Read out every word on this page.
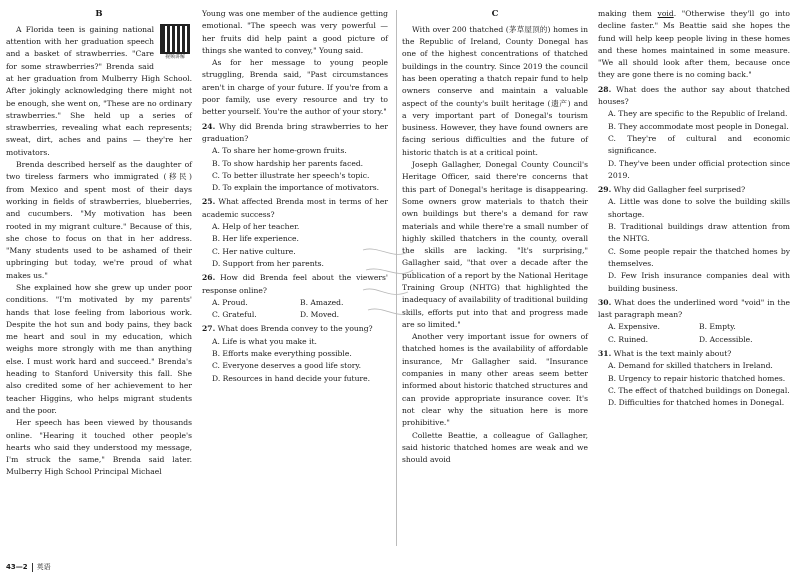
B
视频讲解

A Florida teen is gaining national attention with her graduation speech and a basket of strawberries. "Care for some strawberries?" Brenda said at her graduation from Mulberry High School. After jokingly acknowledging there might not be enough, she went on, "These are no ordinary strawberries." She held up a series of strawberries, revealing what each represents; sweat, dirt, aches and pains — they're her motivators.

Brenda described herself as the daughter of two tireless farmers who immigrated (移民) from Mexico and spent most of their days working in fields of strawberries, blueberries, and cucumbers. "My motivation has been rooted in my migrant culture." Because of this, she chose to focus on that in her address. "Many students used to be ashamed of their upbringing but today, we're proud of what makes us."

She explained how she grew up under poor conditions. "I'm motivated by my parents' hands that lose feeling from laborious work. Despite the hot sun and body pains, they back me heart and soul in my education, which weighs more strongly with me than anything else. I must work hard and succeed." Brenda's heading to Stanford University this fall. She also credited some of her achievement to her teacher Higgins, who helps migrant students and the poor.

Her speech has been viewed by thousands online. "Hearing it touched other people's hearts who said they understood my message, I'm struck the same," Brenda said later. Mulberry High School Principal Michael

Young was one member of the audience getting emotional. "The speech was very powerful — her fruits did help paint a good picture of things she wanted to convey," Young said.

As for her message to young people struggling, Brenda said, "Past circumstances aren't in charge of your future. If you're from a poor family, use every resource and try to better yourself. You're the author of your story."

24. Why did Brenda bring strawberries to her graduation?
A. To share her home-grown fruits.
B. To show hardship her parents faced.
C. To better illustrate her speech's topic.
D. To explain the importance of motivators.
25. What affected Brenda most in terms of her academic success?
A. Help of her teacher.
B. Her life experience.
C. Her native culture.
D. Support from her parents.
26. How did Brenda feel about the viewers' response online?
A. Proud.	B. Amazed.
C. Grateful.	D. Moved.
27. What does Brenda convey to the young?
A. Life is what you make it.
B. Efforts make everything possible.
C. Everyone deserves a good life story.
D. Resources in hand decide your future.
C

With over 200 thatched (茅草屋顶的) homes in the Republic of Ireland, County Donegal has one of the highest concentrations of thatched buildings in the country. Since 2019 the council has been operating a thatch repair fund to help owners conserve and maintain a valuable aspect of the county's built heritage (遗产) and a very important part of Donegal's tourism business. However, they have found owners are facing serious difficulties and the future of historic thatch is at a critical point.

Joseph Gallagher, Donegal County Council's Heritage Officer, said there're concerns that this part of Donegal's heritage is disappearing. Some owners grow materials to thatch their own buildings but there's a demand for raw materials and while there're a small number of highly skilled thatchers in the county, overall the skills are lacking. "It's surprising," Gallagher said, "that over a decade after the publication of a report by the National Heritage Training Group (NHTG) that highlighted the inadequacy of availability of traditional building skills, efforts put into that and progress made are so limited."

Another very important issue for owners of thatched homes is the availability of affordable insurance, Mr Gallagher said. "Insurance companies in many other areas seem better informed about historic thatched structures and can provide appropriate insurance cover. It's not clear why the situation here is more prohibitive."

Collette Beattie, a colleague of Gallagher, said historic thatched homes are weak and we should avoid

making them void. "Otherwise they'll go into decline faster." Ms Beattie said she hopes the fund will help keep people living in these homes and these homes maintained in some measure. "We all should look after them, because once they are gone there is no coming back."

28. What does the author say about thatched houses?
A. They are specific to the Republic of Ireland.
B. They accommodate most people in Donegal.
C. They're of cultural and economic significance.
D. They've been under official protection since 2019.
29. Why did Gallagher feel surprised?
A. Little was done to solve the building skills shortage.
B. Traditional buildings draw attention from the NHTG.
C. Some people repair the thatched homes by themselves.
D. Few Irish insurance companies deal with building business.
30. What does the underlined word "void" in the last paragraph mean?
A. Expensive.	B. Empty.
C. Ruined.	D. Accessible.
31. What is the text mainly about?
A. Demand for skilled thatchers in Ireland.
B. Urgency to repair historic thatched homes.
C. The effect of thatched buildings on Donegal.
D. Difficulties for thatched homes in Donegal.
43—2 英语
